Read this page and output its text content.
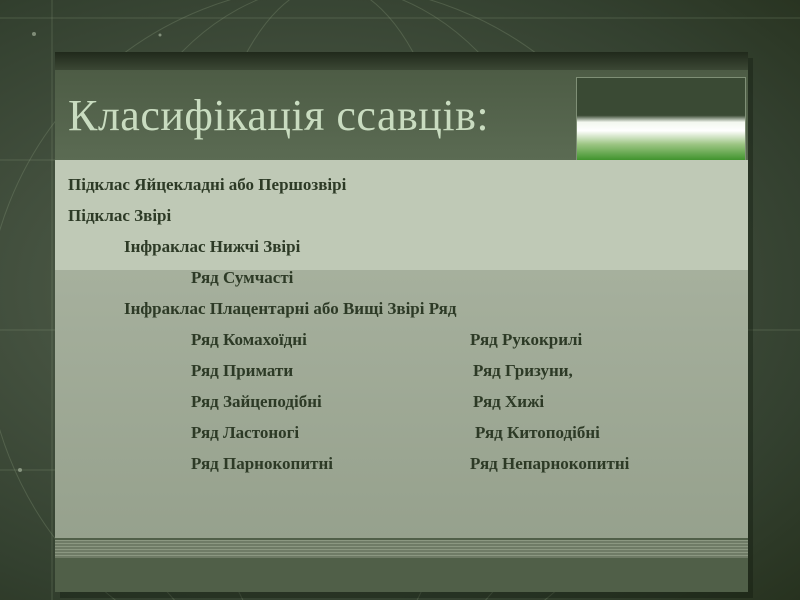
Класифікація ссавців:

Підклас Яйцекладні або Першозвірі

Підклас Звірі

Інфраклас Нижчі Звірі

Ряд Сумчасті

Інфраклас Плацентарні або Вищі Звірі Ряд

Ряд Комахоїдні	Ряд Рукокрилі

Ряд Примати	Ряд Гризуни,

Ряд Зайцеподібні	Ряд Хижі

Ряд Ластоногі	Ряд Китоподібні

Ряд Парнокопитні	Ряд Непарнокопитні
